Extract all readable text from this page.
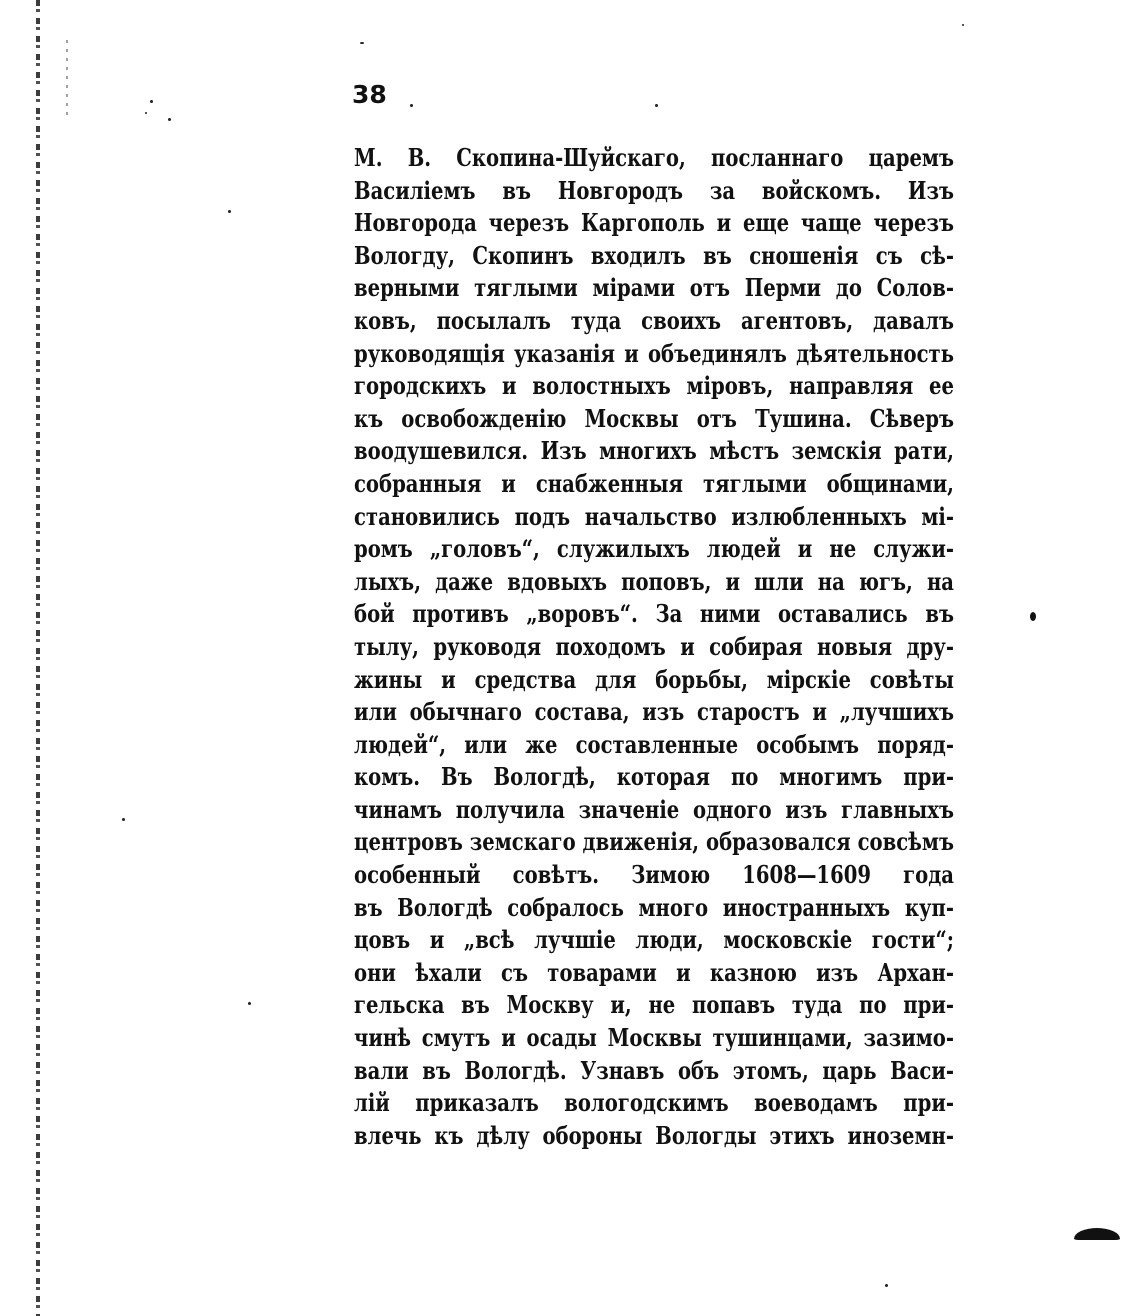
38
М. В. Скопина-Шуйскаго, посланнаго царемъ
Василіемъ въ Новгородъ за войскомъ. Изъ
Новгорода черезъ Каргополь и еще чаще черезъ
Вологду, Скопинъ входилъ въ сношенія съ сѣ-
верными тяглыми мірами отъ Перми до Солов-
ковъ, посылалъ туда своихъ агентовъ, давалъ
руководящія указанія и объединялъ дѣятельность
городскихъ и волостныхъ міровъ, направляя ее
къ освобожденію Москвы отъ Тушина. Сѣверъ
воодушевился. Изъ многихъ мѣстъ земскія рати,
собранныя и снабженныя тяглыми общинами,
становились подъ начальство излюбленныхъ мі-
ромъ „головъ“, служилыхъ людей и не служи-
лыхъ, даже вдовыхъ поповъ, и шли на югъ, на
бой противъ „воровъ“. За ними оставались въ
тылу, руководя походомъ и собирая новыя дру-
жины и средства для борьбы, мірскіе совѣты
или обычнаго состава, изъ старостъ и „лучшихъ
людей“, или же составленные особымъ поряд-
комъ. Въ Вологдѣ, которая по многимъ при-
чинамъ получила значеніе одного изъ главныхъ
центровъ земскаго движенія, образовался совсѣмъ
особенный совѣтъ. Зимою 1608—1609 года
въ Вологдѣ собралось много иностранныхъ куп-
цовъ и „всѣ лучшіе люди, московскіе гости“;
они ѣхали съ товарами и казною изъ Архан-
гельска въ Москву и, не попавъ туда по при-
чинѣ смутъ и осады Москвы тушинцами, зазимо-
вали въ Вологдѣ. Узнавъ объ этомъ, царь Васи-
лій приказалъ вологодскимъ воеводамъ при-
влечь къ дѣлу обороны Вологды этихъ иноземн-
